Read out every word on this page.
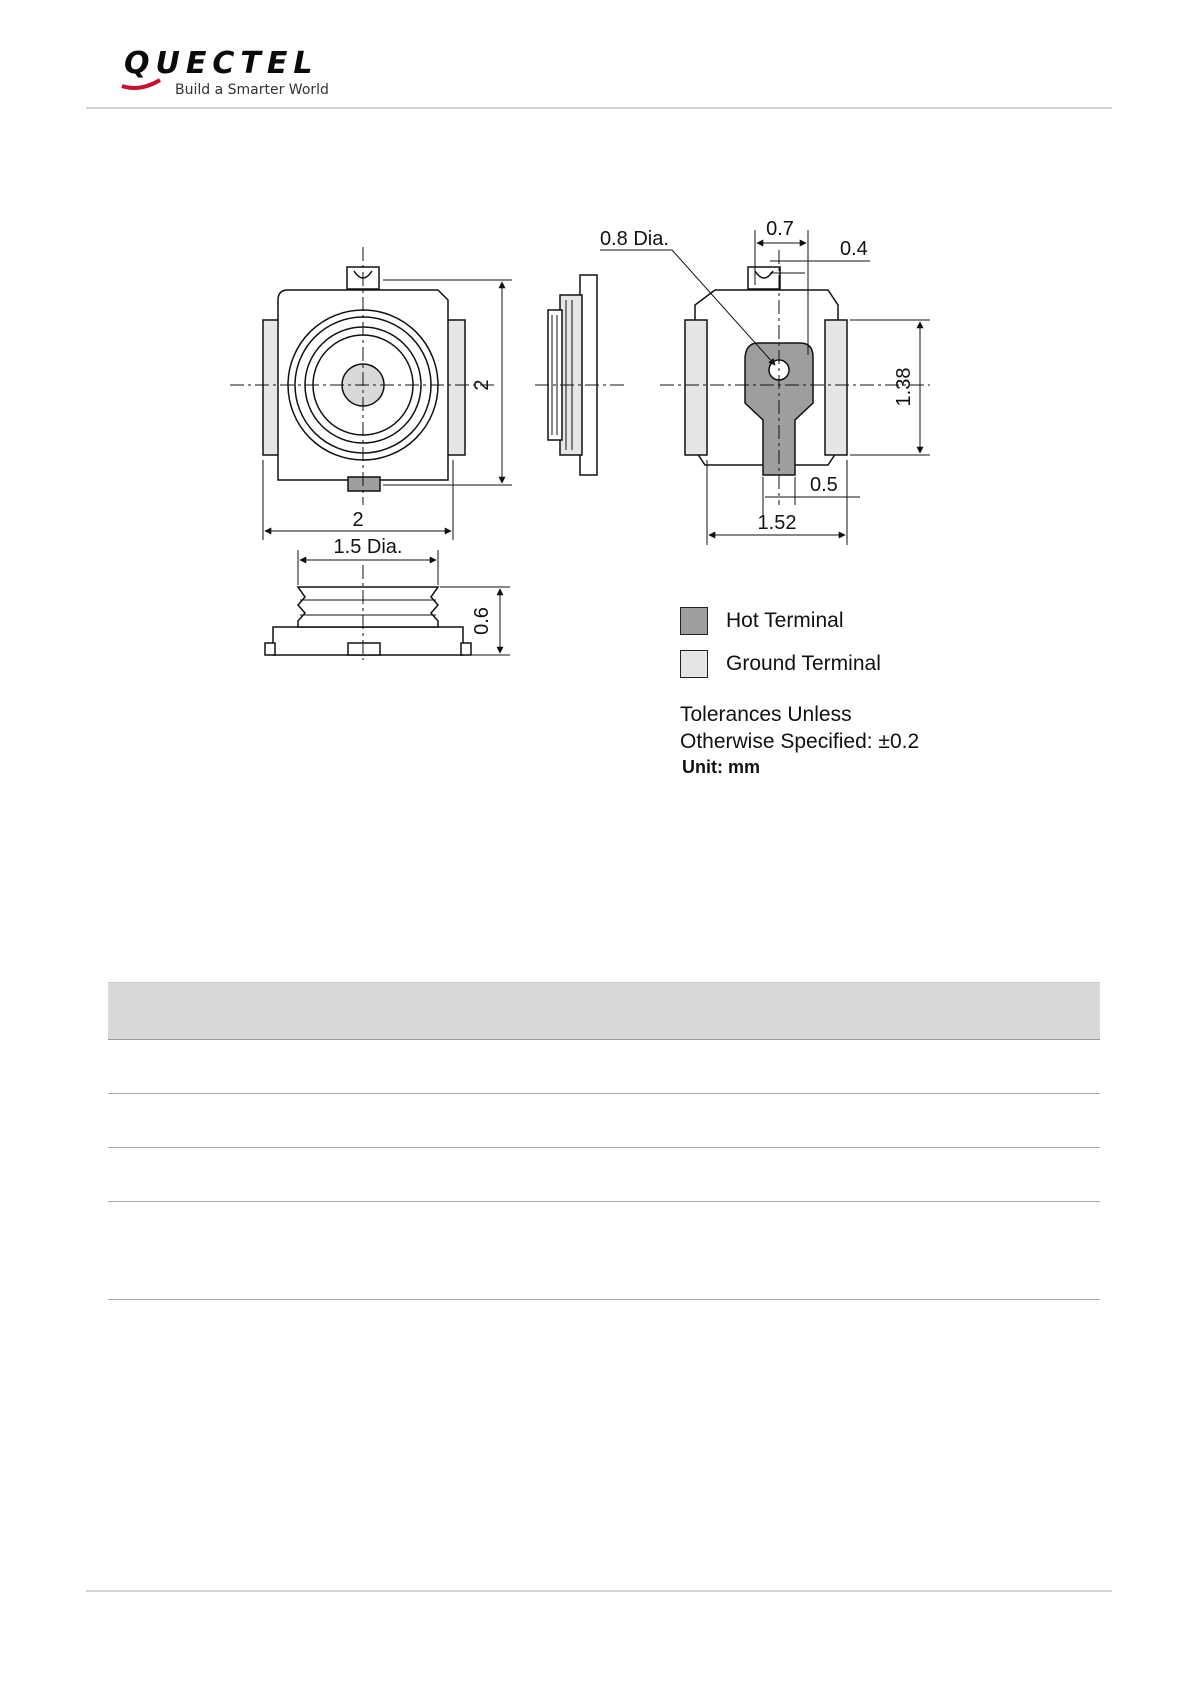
QUECTEL
Build a Smarter World
2
2
0.8 Dia.	0.7
0.4
1.38
0.5
1.52
1.5 Dia.
0.6	Hot Terminal
Ground Terminal
Tolerances Unless
Otherwise Specified: ±0.2
Unit: mm
